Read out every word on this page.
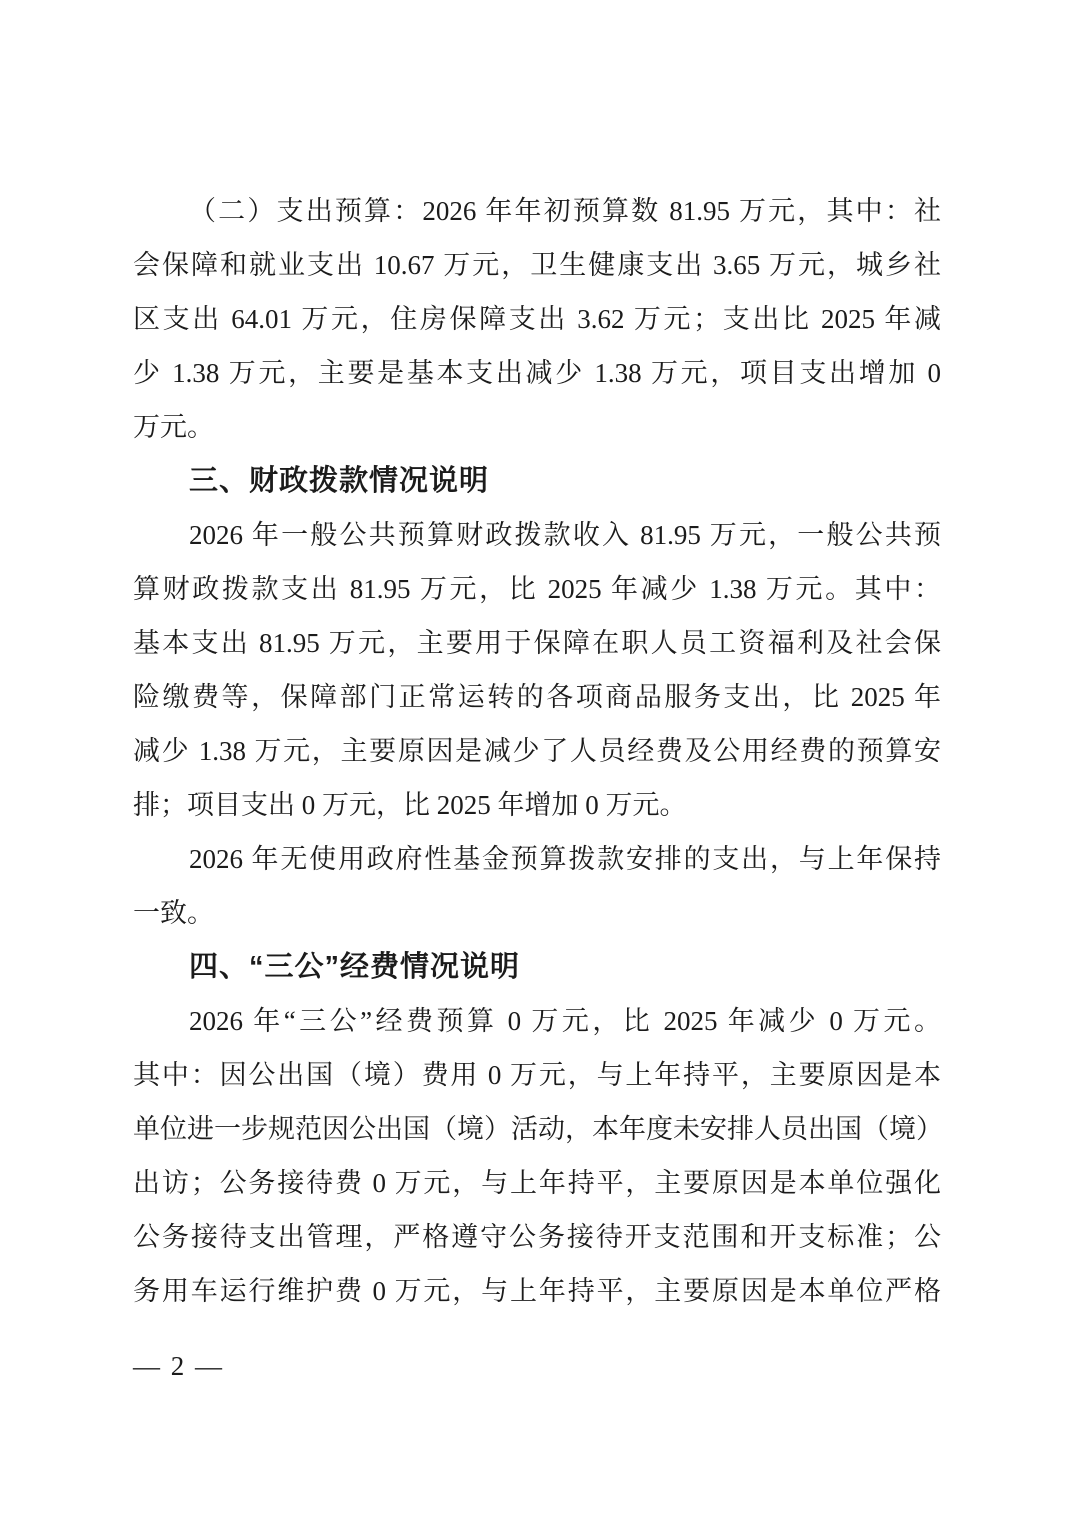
（二）支出预算：2026 年年初预算数 81.95 万元，其中：社
会保障和就业支出 10.67 万元，卫生健康支出 3.65 万元，城乡社
区支出 64.01 万元，住房保障支出 3.62 万元；支出比 2025 年减
少 1.38 万元，主要是基本支出减少 1.38 万元，项目支出增加 0
万元。
三、财政拨款情况说明
2026 年一般公共预算财政拨款收入 81.95 万元，一般公共预
算财政拨款支出 81.95 万元，比 2025 年减少 1.38 万元。其中：
基本支出 81.95 万元，主要用于保障在职人员工资福利及社会保
险缴费等，保障部门正常运转的各项商品服务支出，比 2025 年
减少 1.38 万元，主要原因是减少了人员经费及公用经费的预算安
排；项目支出 0 万元，比 2025 年增加 0 万元。
2026 年无使用政府性基金预算拨款安排的支出，与上年保持
一致。
四、“三公”经费情况说明
2026 年“三公”经费预算 0 万元，比 2025 年减少 0 万元。
其中：因公出国（境）费用 0 万元，与上年持平，主要原因是本
单位进一步规范因公出国（境）活动，本年度未安排人员出国（境）
出访；公务接待费 0 万元，与上年持平，主要原因是本单位强化
公务接待支出管理，严格遵守公务接待开支范围和开支标准；公
务用车运行维护费 0 万元，与上年持平，主要原因是本单位严格
— 2 —
